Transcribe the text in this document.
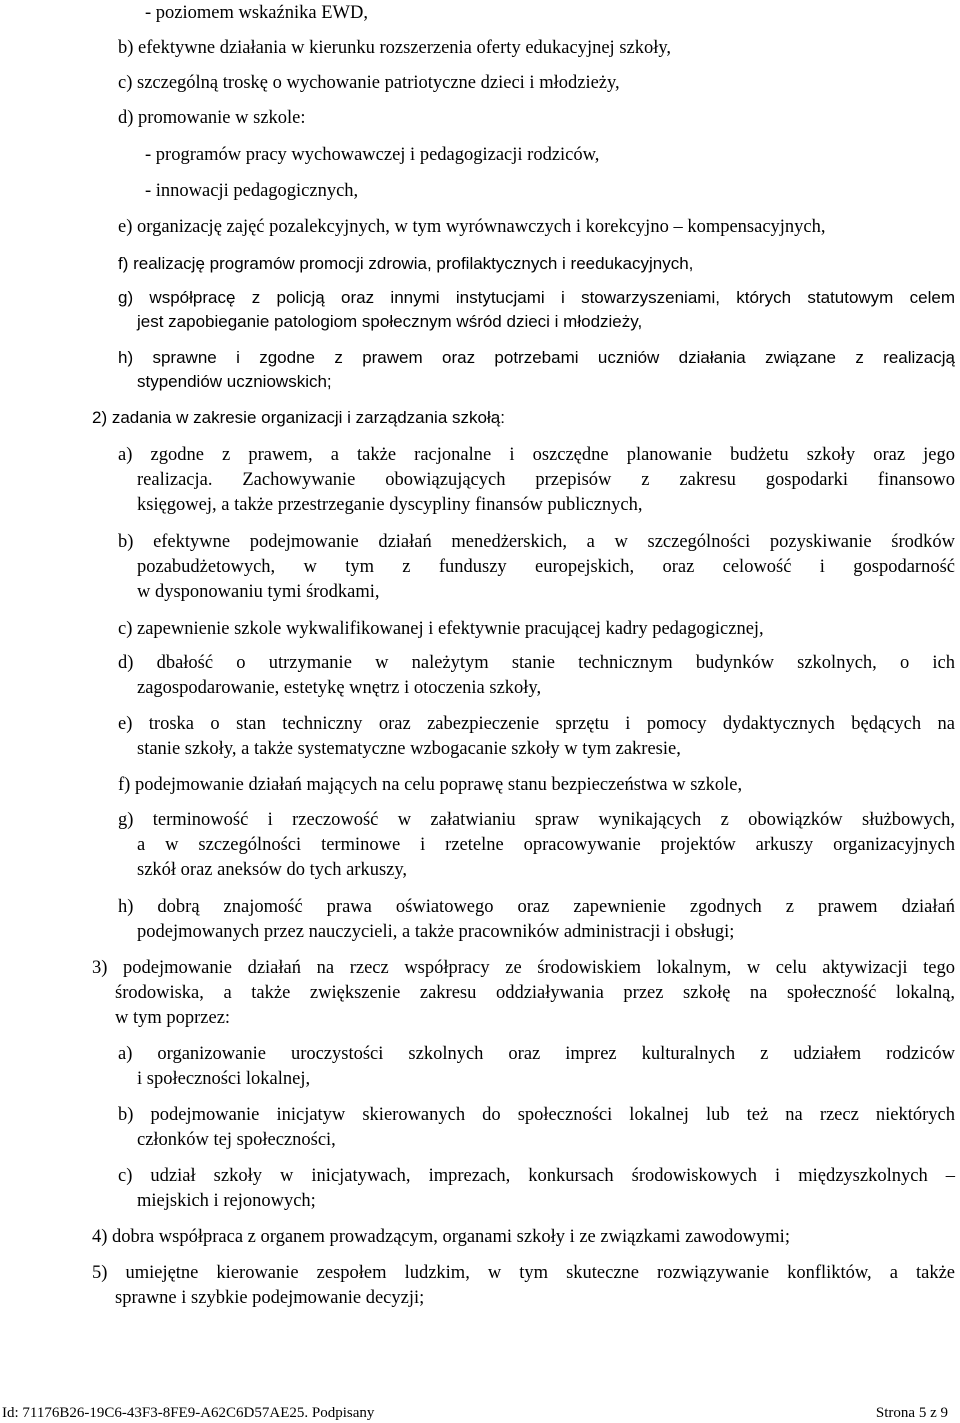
- poziomem wskaźnika EWD,
b) efektywne działania w kierunku rozszerzenia oferty edukacyjnej szkoły,
c) szczególną troskę o wychowanie patriotyczne dzieci i młodzieży,
d) promowanie w szkole:
- programów pracy wychowawczej i pedagogizacji rodziców,
- innowacji pedagogicznych,
e) organizację zajęć pozalekcyjnych, w tym wyrównawczych i korekcyjno – kompensacyjnych,
f) realizację programów promocji zdrowia, profilaktycznych i reedukacyjnych,
g) współpracę z policją oraz innymi instytucjami i stowarzyszeniami, których statutowym celem
jest zapobieganie patologiom społecznym wśród dzieci i młodzieży,
h) sprawne i zgodne z prawem oraz potrzebami uczniów działania związane z realizacją
stypendiów uczniowskich;
2) zadania w zakresie organizacji i zarządzania szkołą:
a) zgodne z prawem, a także racjonalne i oszczędne planowanie budżetu szkoły oraz jego
realizacja. Zachowywanie obowiązujących przepisów z zakresu gospodarki finansowo
księgowej, a także przestrzeganie dyscypliny finansów publicznych,
b) efektywne podejmowanie działań menedżerskich, a w szczególności pozyskiwanie środków
pozabudżetowych, w tym z funduszy europejskich, oraz celowość i gospodarność
w dysponowaniu tymi środkami,
c) zapewnienie szkole wykwalifikowanej i efektywnie pracującej kadry pedagogicznej,
d) dbałość o utrzymanie w należytym stanie technicznym budynków szkolnych, o ich
zagospodarowanie, estetykę wnętrz i otoczenia szkoły,
e) troska o stan techniczny oraz zabezpieczenie sprzętu i pomocy dydaktycznych będących na
stanie szkoły, a także systematyczne wzbogacanie szkoły w tym zakresie,
f) podejmowanie działań mających na celu poprawę stanu bezpieczeństwa w szkole,
g) terminowość i rzeczowość w załatwianiu spraw wynikających z obowiązków służbowych,
a w szczególności terminowe i rzetelne opracowywanie projektów arkuszy organizacyjnych
szkół oraz aneksów do tych arkuszy,
h) dobrą znajomość prawa oświatowego oraz zapewnienie zgodnych z prawem działań
podejmowanych przez nauczycieli, a także pracowników administracji i obsługi;
3) podejmowanie działań na rzecz współpracy ze środowiskiem lokalnym, w celu aktywizacji tego
środowiska, a także zwiększenie zakresu oddziaływania przez szkołę na społeczność lokalną,
w tym poprzez:
a) organizowanie uroczystości szkolnych oraz imprez kulturalnych z udziałem rodziców
i społeczności lokalnej,
b) podejmowanie inicjatyw skierowanych do społeczności lokalnej lub też na rzecz niektórych
członków tej społeczności,
c) udział szkoły w inicjatywach, imprezach, konkursach środowiskowych i międzyszkolnych –
miejskich i rejonowych;
4) dobra współpraca z organem prowadzącym, organami szkoły i ze związkami zawodowymi;
5) umiejętne kierowanie zespołem ludzkim, w tym skuteczne rozwiązywanie konfliktów, a także
sprawne i szybkie podejmowanie decyzji;
Id: 71176B26-19C6-43F3-8FE9-A62C6D57AE25. Podpisany	Strona 5 z 9
